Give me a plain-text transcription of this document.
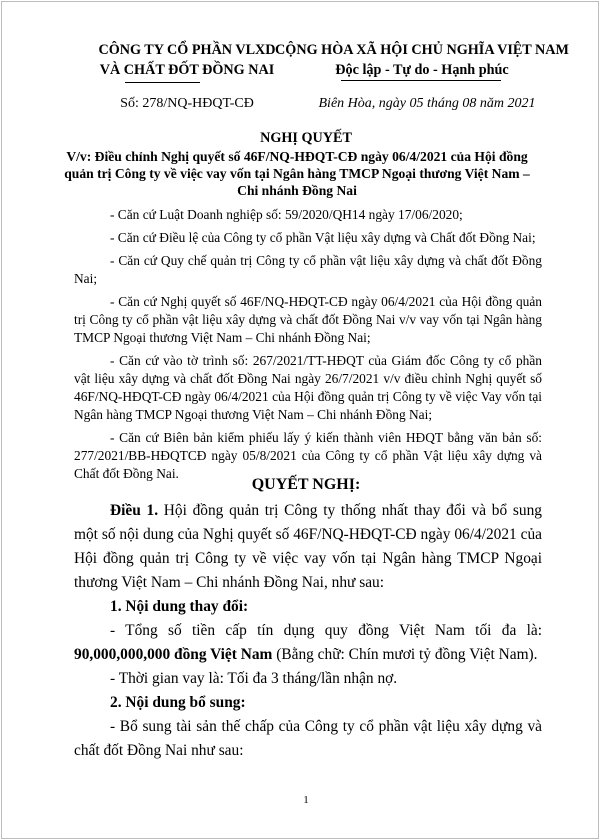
CÔNG TY CỔ PHẦN VLXD
VÀ CHẤT ĐỐT ĐỒNG NAI
CỘNG HÒA XÃ HỘI CHỦ NGHĨA VIỆT NAM
Độc lập - Tự do - Hạnh phúc
Số: 278/NQ-HĐQT-CĐ	Biên Hòa, ngày 05 tháng 08 năm 2021
NGHỊ QUYẾT
V/v: Điều chỉnh Nghị quyết số 46F/NQ-HĐQT-CĐ ngày 06/4/2021 của Hội đồng quản trị Công ty về việc vay vốn tại Ngân hàng TMCP Ngoại thương Việt Nam – Chi nhánh Đồng Nai

- Căn cứ Luật Doanh nghiệp số: 59/2020/QH14 ngày 17/06/2020;

- Căn cứ Điều lệ của Công ty cổ phần Vật liệu xây dựng và Chất đốt Đồng Nai;

- Căn cứ Quy chế quản trị Công ty cổ phần vật liệu xây dựng và chất đốt Đồng Nai;

- Căn cứ Nghị quyết số 46F/NQ-HĐQT-CĐ ngày 06/4/2021 của Hội đồng quản trị Công ty cổ phần vật liệu xây dựng và chất đốt Đồng Nai v/v vay vốn tại Ngân hàng TMCP Ngoại thương Việt Nam – Chi nhánh Đồng Nai;

- Căn cứ vào tờ trình số: 267/2021/TT-HĐQT của Giám đốc Công ty cổ phần vật liệu xây dựng và chất đốt Đồng Nai ngày 26/7/2021 v/v điều chỉnh Nghị quyết số 46F/NQ-HĐQT-CĐ ngày 06/4/2021 của Hội đồng quản trị Công ty về việc Vay vốn tại Ngân hàng TMCP Ngoại thương Việt Nam – Chi nhánh Đồng Nai;

- Căn cứ Biên bản kiểm phiếu lấy ý kiến thành viên HĐQT bằng văn bản số: 277/2021/BB-HĐQTCĐ ngày 05/8/2021 của Công ty cổ phần Vật liệu xây dựng và Chất đốt Đồng Nai.

QUYẾT NGHỊ:

Điều 1. Hội đồng quản trị Công ty thống nhất thay đổi và bổ sung một số nội dung của Nghị quyết số 46F/NQ-HĐQT-CĐ ngày 06/4/2021 của Hội đồng quản trị Công ty về việc vay vốn tại Ngân hàng TMCP Ngoại thương Việt Nam – Chi nhánh Đồng Nai, như sau:

1. Nội dung thay đổi:

- Tổng số tiền cấp tín dụng quy đồng Việt Nam tối đa là: 90,000,000,000 đồng Việt Nam (Bằng chữ: Chín mươi tỷ đồng Việt Nam).

- Thời gian vay là: Tối đa 3 tháng/lần nhận nợ.

2. Nội dung bổ sung:

- Bổ sung tài sản thế chấp của Công ty cổ phần vật liệu xây dựng và chất đốt Đồng Nai như sau:

1
